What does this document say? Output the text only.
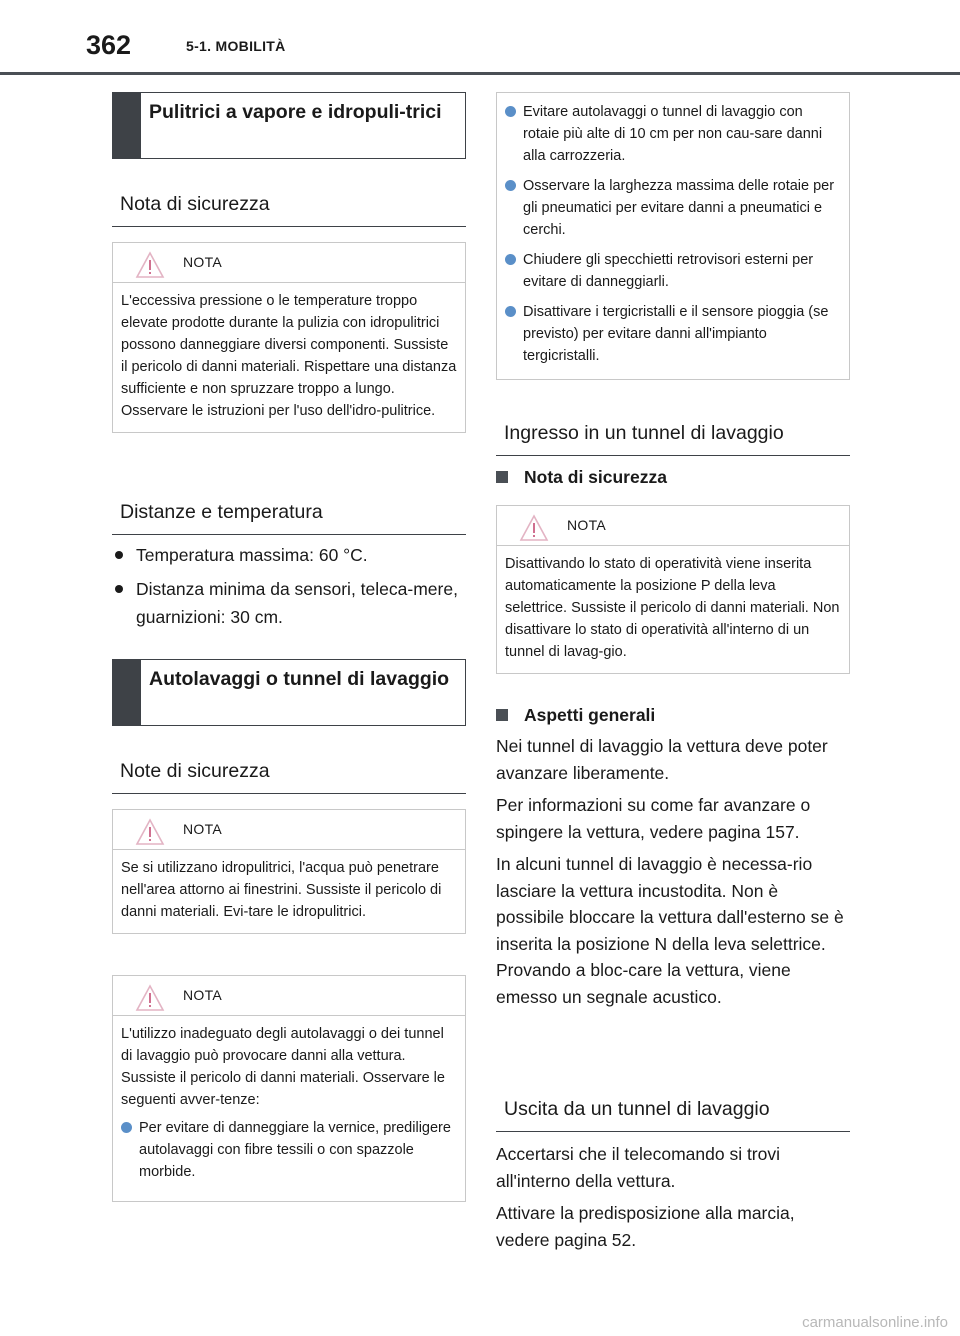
362	5-1. MOBILITÀ
Pulitrici a vapore e idropuli-trici
Nota di sicurezza
NOTA
L'eccessiva pressione o le temperature troppo elevate prodotte durante la pulizia con idropulitrici possono danneggiare diversi componenti. Sussiste il pericolo di danni materiali. Rispettare una distanza sufficiente e non spruzzare troppo a lungo. Osservare le istruzioni per l'uso dell'idro-pulitrice.
Distanze e temperatura
Temperatura massima: 60 °C.
Distanza minima da sensori, teleca-mere, guarnizioni: 30 cm.
Autolavaggi o tunnel di lavaggio
Note di sicurezza
NOTA
Se si utilizzano idropulitrici, l'acqua può penetrare nell'area attorno ai finestrini. Sussiste il pericolo di danni materiali. Evi-tare le idropulitrici.
NOTA

L'utilizzo inadeguato degli autolavaggi o dei tunnel di lavaggio può provocare danni alla vettura. Sussiste il pericolo di danni materiali. Osservare le seguenti avver-tenze:

Per evitare di danneggiare la vernice, prediligere autolavaggi con fibre tessili o con spazzole morbide.
Evitare autolavaggi o tunnel di lavaggio con rotaie più alte di 10 cm per non cau-sare danni alla carrozzeria.
Osservare la larghezza massima delle rotaie per gli pneumatici per evitare danni a pneumatici e cerchi.
Chiudere gli specchietti retrovisori esterni per evitare di danneggiarli.
Disattivare i tergicristalli e il sensore pioggia (se previsto) per evitare danni all'impianto tergicristalli.
Ingresso in un tunnel di lavaggio
Nota di sicurezza
NOTA
Disattivando lo stato di operatività viene inserita automaticamente la posizione P della leva selettrice. Sussiste il pericolo di danni materiali. Non disattivare lo stato di operatività all'interno di un tunnel di lavag-gio.
Aspetti generali

Nei tunnel di lavaggio la vettura deve poter avanzare liberamente.

Per informazioni su come far avanzare o spingere la vettura, vedere pagina 157.

In alcuni tunnel di lavaggio è necessa-rio lasciare la vettura incustodita. Non è possibile bloccare la vettura dall'esterno se è inserita la posizione N della leva selettrice. Provando a bloc-care la vettura, viene emesso un segnale acustico.

Uscita da un tunnel di lavaggio

Accertarsi che il telecomando si trovi all'interno della vettura.

Attivare la predisposizione alla marcia, vedere pagina 52.

carmanualsonline.info
